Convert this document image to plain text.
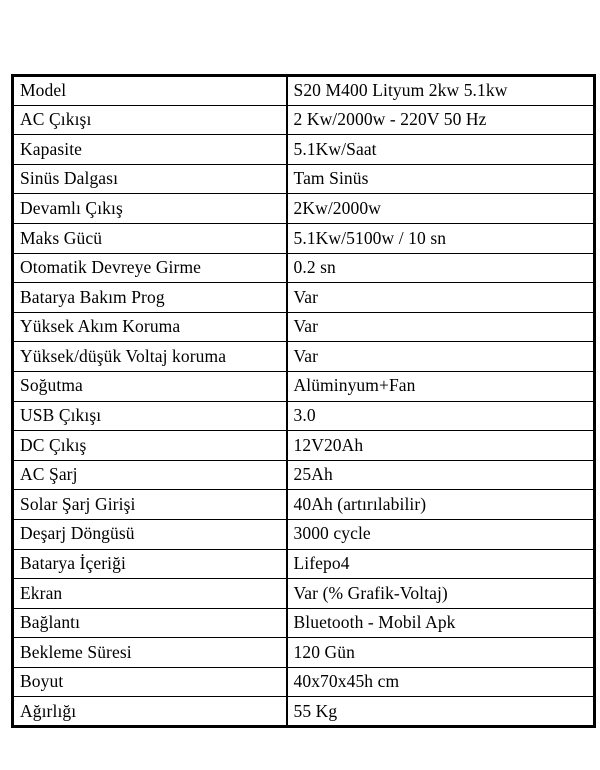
Model	S20 M400 Lityum 2kw 5.1kw
AC Çıkışı	2 Kw/2000w - 220V 50 Hz
Kapasite	5.1Kw/Saat
Sinüs Dalgası	Tam Sinüs
Devamlı Çıkış	2Kw/2000w
Maks Gücü	5.1Kw/5100w / 10 sn
Otomatik Devreye Girme	0.2 sn
Batarya Bakım Prog	Var
Yüksek Akım Koruma	Var
Yüksek/düşük Voltaj koruma	Var
Soğutma	Alüminyum+Fan
USB Çıkışı	3.0
DC Çıkış	12V20Ah
AC Şarj	25Ah
Solar Şarj Girişi	40Ah (artırılabilir)
Deşarj Döngüsü	3000 cycle
Batarya İçeriği	Lifepo4
Ekran	Var (% Grafik-Voltaj)
Bağlantı	Bluetooth - Mobil Apk
Bekleme Süresi	120 Gün
Boyut	40x70x45h cm
Ağırlığı	55 Kg
